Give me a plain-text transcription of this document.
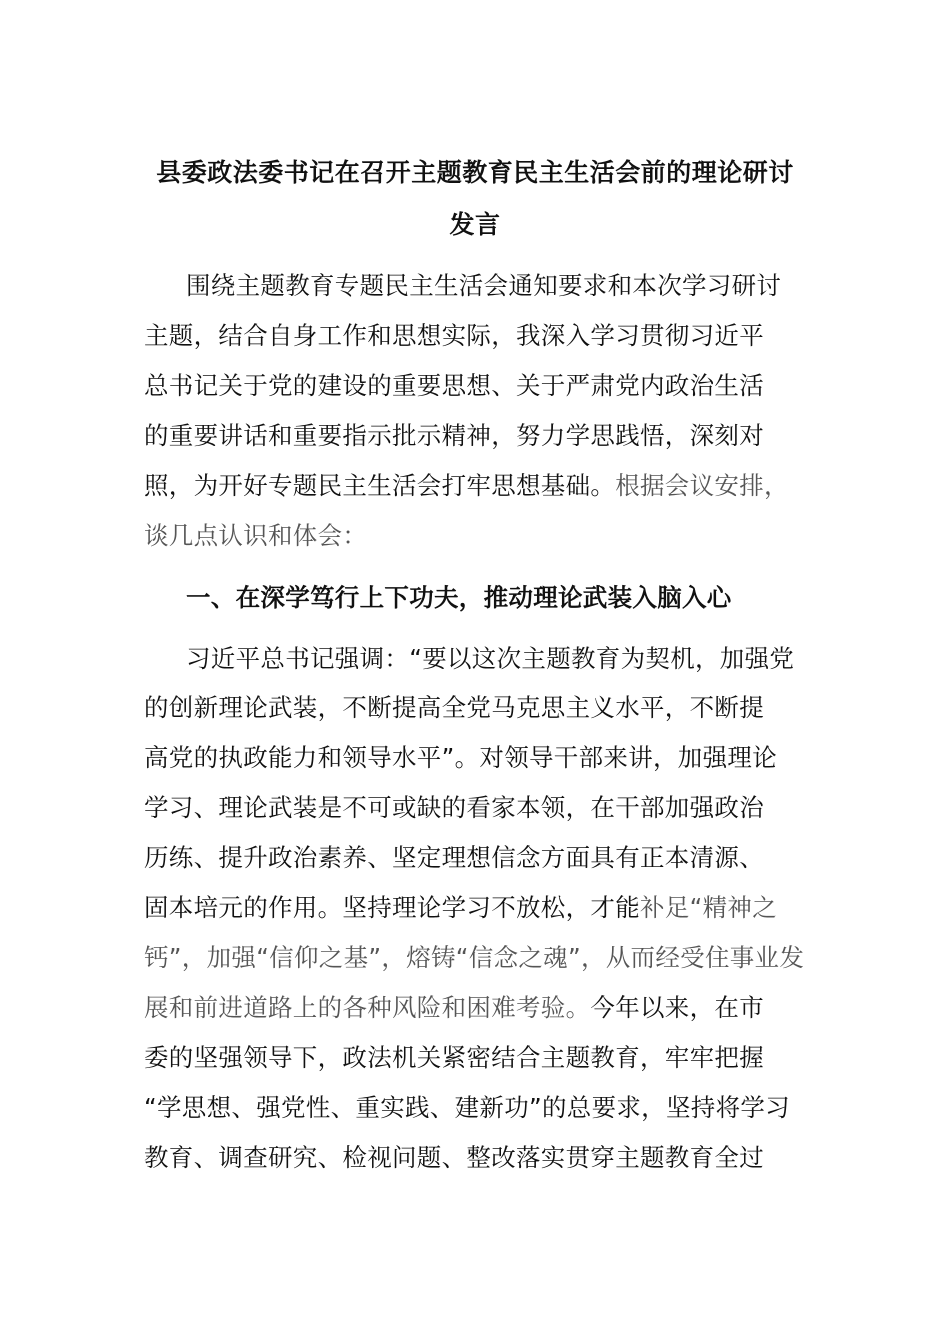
县委政法委书记在召开主题教育民主生活会前的理论研讨
发言
围绕主题教育专题民主生活会通知要求和本次学习研讨
主题，结合自身工作和思想实际，我深入学习贯彻习近平
总书记关于党的建设的重要思想、关于严肃党内政治生活
的重要讲话和重要指示批示精神，努力学思践悟，深刻对
照，为开好专题民主生活会打牢思想基础。根据会议安排，
谈几点认识和体会：
一、在深学笃行上下功夫，推动理论武装入脑入心
习近平总书记强调：“要以这次主题教育为契机，加强党
的创新理论武装，不断提高全党马克思主义水平，不断提
高党的执政能力和领导水平”。对领导干部来讲，加强理论
学习、理论武装是不可或缺的看家本领，在干部加强政治
历练、提升政治素养、坚定理想信念方面具有正本清源、
固本培元的作用。坚持理论学习不放松，才能补足“精神之
钙”，加强“信仰之基”，熔铸“信念之魂”，从而经受住事业发
展和前进道路上的各种风险和困难考验。今年以来，在市
委的坚强领导下，政法机关紧密结合主题教育，牢牢把握
“学思想、强党性、重实践、建新功”的总要求，坚持将学习
教育、调查研究、检视问题、整改落实贯穿主题教育全过
